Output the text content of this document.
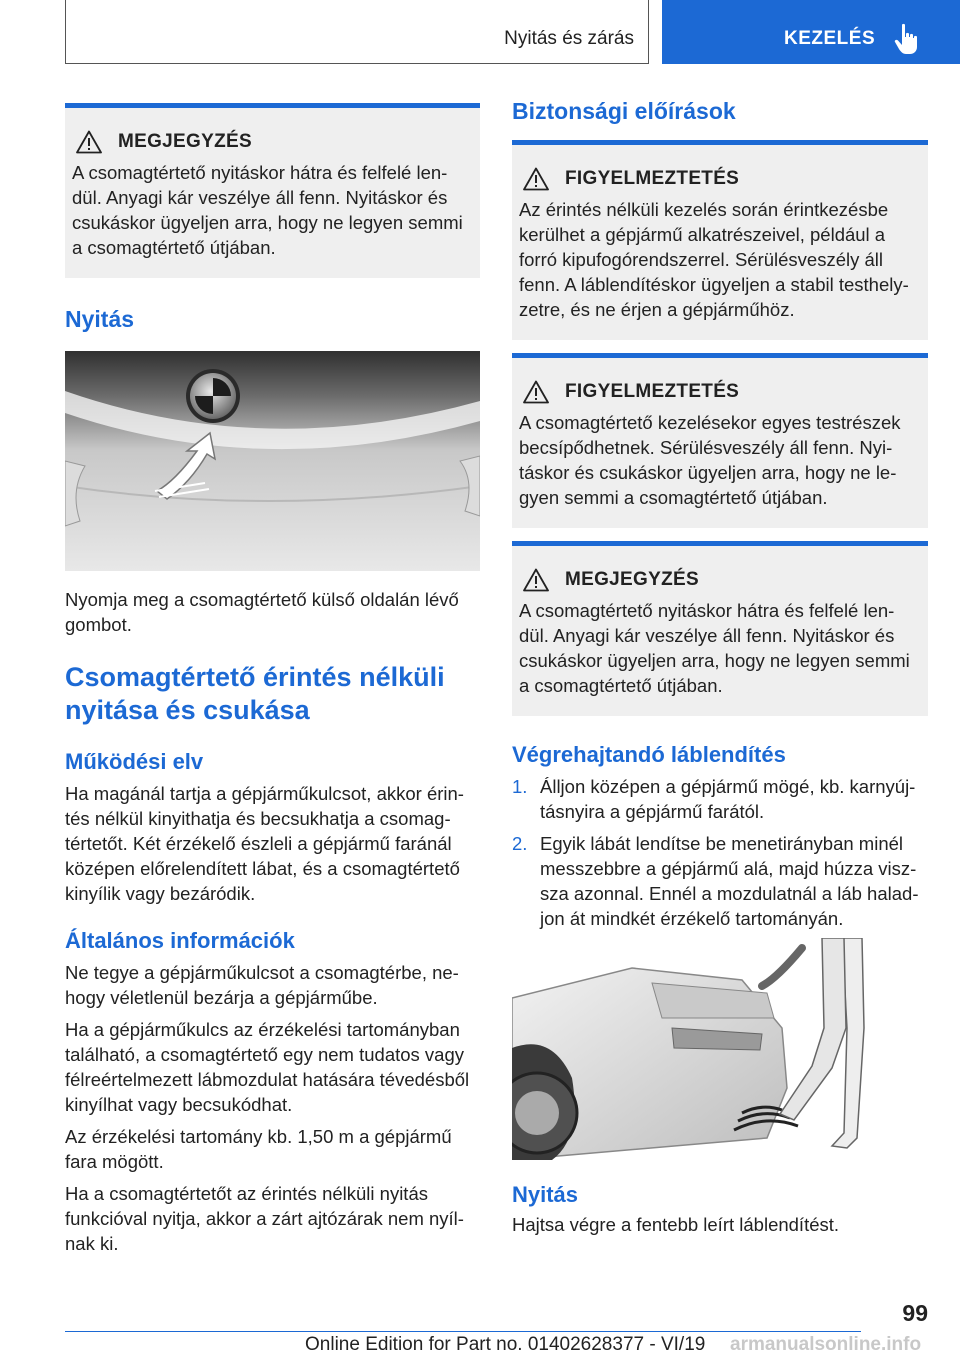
Nyitás és zárás	KEZELÉS
MEGJEGYZÉS
A csomagtértető nyitáskor hátra és felfelé len‐
dül. Anyagi kár veszélye áll fenn. Nyitáskor és
csukáskor ügyeljen arra, hogy ne legyen semmi
a csomagtértető útjában.
Nyitás
Nyomja meg a csomagtértető külső oldalán lévő
gombot.
Csomagtértető érintés nélküli
nyitása és csukása
Működési elv
Ha magánál tartja a gépjárműkulcsot, akkor érin‐
tés nélkül kinyithatja és becsukhatja a csomag‐
tértetőt. Két érzékelő észleli a gépjármű faránál
középen előrelendített lábat, és a csomagtértető
kinyílik vagy bezáródik.
Általános információk
Ne tegye a gépjárműkulcsot a csomagtérbe, ne‐
hogy véletlenül bezárja a gépjárműbe.
Ha a gépjárműkulcs az érzékelési tartományban
található, a csomagtértető egy nem tudatos vagy
félreértelmezett lábmozdulat hatására tévedésből
kinyílhat vagy becsukódhat.
Az érzékelési tartomány kb. 1,50 m a gépjármű
fara mögött.
Ha a csomagtértetőt az érintés nélküli nyitás
funkcióval nyitja, akkor a zárt ajtózárak nem nyíl‐
nak ki.
Biztonsági előírások
FIGYELMEZTETÉS
Az érintés nélküli kezelés során érintkezésbe
kerülhet a gépjármű alkatrészeivel, például a
forró kipufogórendszerrel. Sérülésveszély áll
fenn. A láblendítéskor ügyeljen a stabil testhely‐
zetre, és ne érjen a gépjárműhöz.
FIGYELMEZTETÉS
A csomagtértető kezelésekor egyes testrészek
becsípődhetnek. Sérülésveszély áll fenn. Nyi‐
táskor és csukáskor ügyeljen arra, hogy ne le‐
gyen semmi a csomagtértető útjában.
MEGJEGYZÉS
A csomagtértető nyitáskor hátra és felfelé len‐
dül. Anyagi kár veszélye áll fenn. Nyitáskor és
csukáskor ügyeljen arra, hogy ne legyen semmi
a csomagtértető útjában.
Végrehajtandó láblendítés
1. Álljon középen a gépjármű mögé, kb. karnyúj‐
tásnyira a gépjármű farától.
2. Egyik lábát lendítse be menetirányban minél
messzebbre a gépjármű alá, majd húzza visz‐
sza azonnal. Ennél a mozdulatnál a láb halad‐
jon át mindkét érzékelő tartományán.
Nyitás
Hajtsa végre a fentebb leírt láblendítést.
99
Online Edition for Part no. 01402628377 - VI/19 armanualsonline.info
